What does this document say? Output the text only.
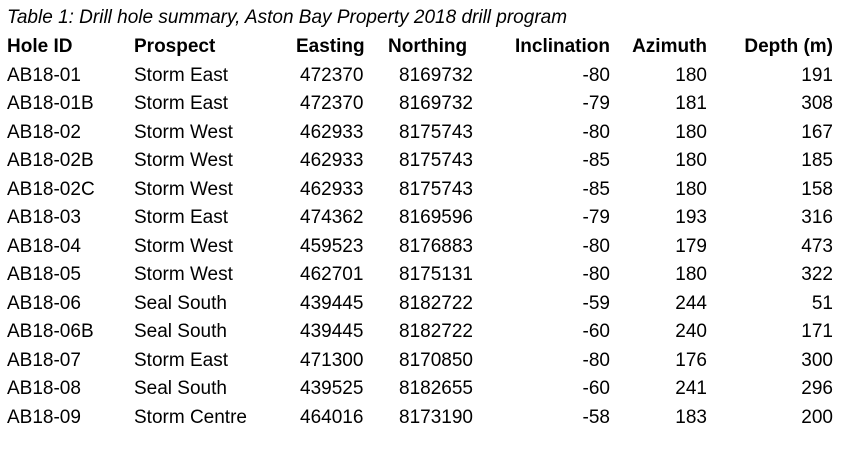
Table 1: Drill hole summary, Aston Bay Property 2018 drill program
Hole ID	Prospect	Easting	Northing	Inclination	Azimuth	Depth (m)
AB18-01	Storm East	472370	8169732	-80	180	191
AB18-01B	Storm East	472370	8169732	-79	181	308
AB18-02	Storm West	462933	8175743	-80	180	167
AB18-02B	Storm West	462933	8175743	-85	180	185
AB18-02C	Storm West	462933	8175743	-85	180	158
AB18-03	Storm East	474362	8169596	-79	193	316
AB18-04	Storm West	459523	8176883	-80	179	473
AB18-05	Storm West	462701	8175131	-80	180	322
AB18-06	Seal South	439445	8182722	-59	244	51
AB18-06B	Seal South	439445	8182722	-60	240	171
AB18-07	Storm East	471300	8170850	-80	176	300
AB18-08	Seal South	439525	8182655	-60	241	296
AB18-09	Storm Centre	464016	8173190	-58	183	200
